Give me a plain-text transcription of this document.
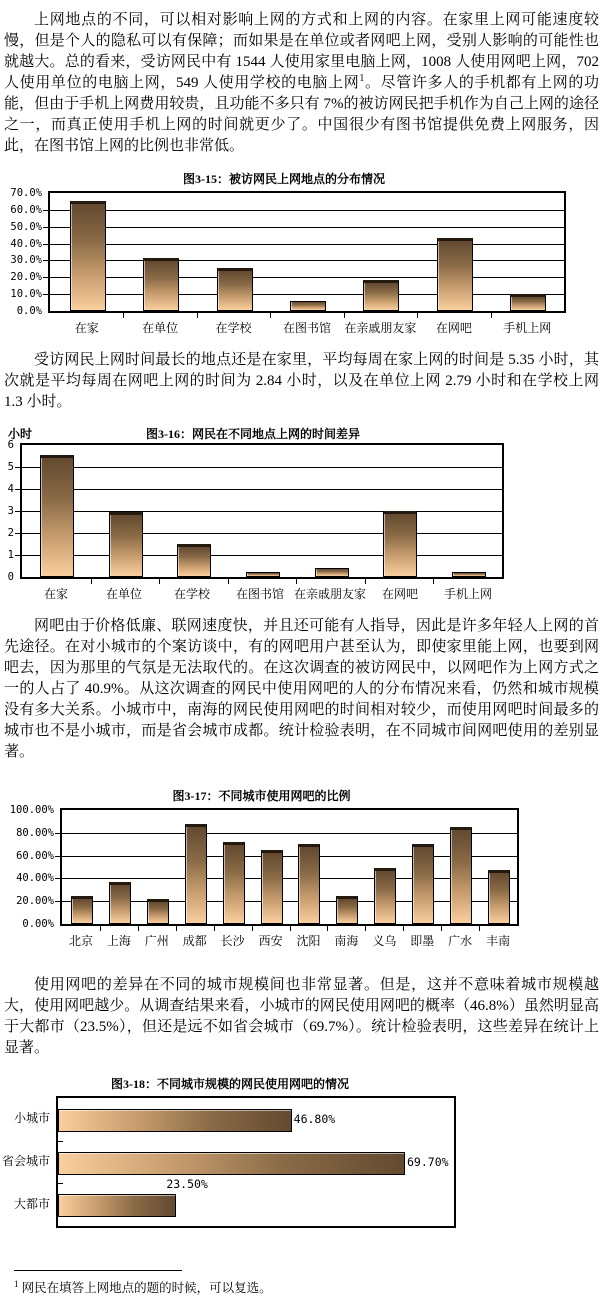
上网地点的不同，可以相对影响上网的方式和上网的内容。在家里上网可能速度较慢，但是个人的隐私可以有保障；而如果是在单位或者网吧上网，受别人影响的可能性也就越大。总的看来，受访网民中有 1544 人使用家里电脑上网，1008 人使用网吧上网，702 人使用单位的电脑上网，549 人使用学校的电脑上网$^1$。尽管许多人的手机都有上网的功能，但由于手机上网费用较贵，且功能不多只有 7%的被访网民把手机作为自己上网的途径之一，而真正使用手机上网的时间就更少了。中国很少有图书馆提供免费上网服务，因此，在图书馆上网的比例也非常低。

图3-15：被访网民上网地点的分布情况
70.0%
60.0%
50.0%
40.0%
30.0%
20.0%
10.0%
0.0%
在家	在单位	在学校	在图书馆	在亲戚朋友家	在网吧	手机上网

受访网民上网时间最长的地点还是在家里，平均每周在家上网的时间是 5.35 小时，其次就是平均每周在网吧上网的时间为 2.84 小时，以及在单位上网 2.79 小时和在学校上网 1.3 小时。

小时	图3-16：网民在不同地点上网的时间差异
6
5
4
3
2
1
0
在家	在单位	在学校	在图书馆 在亲戚朋友家	在网吧	手机上网

网吧由于价格低廉、联网速度快，并且还可能有人指导，因此是许多年轻人上网的首先途径。在对小城市的个案访谈中，有的网吧用户甚至认为，即使家里能上网，也要到网吧去，因为那里的气氛是无法取代的。在这次调查的被访网民中，以网吧作为上网方式之一的人占了 40.9%。从这次调查的网民中使用网吧的人的分布情况来看，仍然和城市规模没有多大关系。小城市中，南海的网民使用网吧的时间相对较少，而使用网吧时间最多的城市也不是小城市，而是省会城市成都。统计检验表明，在不同城市间网吧使用的差别显著。

图3-17：不同城市使用网吧的比例
100.00%
80.00%
60.00%
40.00%
20.00%
0.00%
北京	上海	广州	成都	长沙	西安	沈阳	南海	义乌	即墨	广水	丰南

使用网吧的差异在不同的城市规模间也非常显著。但是，这并不意味着城市规模越大，使用网吧越少。从调查结果来看，小城市的网民使用网吧的概率（46.8%）虽然明显高于大都市（23.5%），但还是远不如省会城市（69.7%）。统计检验表明，这些差异在统计上显著。

图3-18：不同城市规模的网民使用网吧的情况
小城市
省会城市
大都市
46.80%
69.70%
23.50%
$^1$ 网民在填答上网地点的题的时候，可以复选。
